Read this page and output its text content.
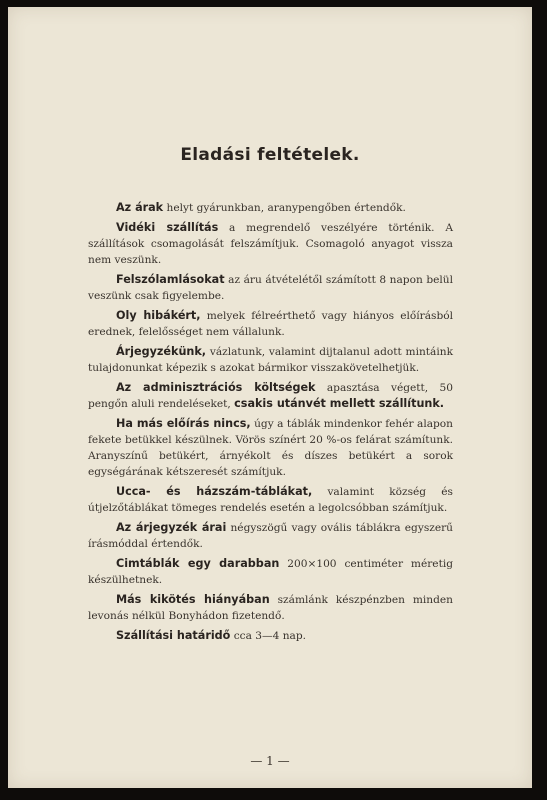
Eladási feltételek.

Az árak helyt gyárunkban, aranypengőben értendők.

Vidéki szállítás a megrendelő veszélyére történik. A szállítások csomagolását felszámítjuk. Csomagoló anyagot vissza nem veszünk.

Felszólamlásokat az áru átvételétől számított 8 napon belül veszünk csak figyelembe.

Oly hibákért, melyek félreérthető vagy hiányos előírásból erednek, felelősséget nem vállalunk.

Árjegyzékünk, vázlatunk, valamint dijtalanul adott mintáink tulajdonunkat képezik s azokat bármikor visszakövetelhetjük.

Az adminisztrációs költségek apasztása végett, 50 pengőn aluli rendeléseket, csakis utánvét mellett szállítunk.

Ha más előírás nincs, úgy a táblák mindenkor fehér alapon fekete betükkel készülnek. Vörös színért 20 %-os felárat számítunk. Aranyszínű betükért, árnyékolt és díszes betükért a sorok egységárának kétszeresét számítjuk.

Ucca- és házszám-táblákat, valamint község és útjelzőtáblákat tömeges rendelés esetén a legolcsóbban számítjuk.

Az árjegyzék árai négyszögű vagy ovális táblákra egyszerű írásmóddal értendők.

Cimtáblák egy darabban 200×100 centiméter méretig készülhetnek.

Más kikötés hiányában számlánk készpénzben minden levonás nélkül Bonyhádon fizetendő.

Szállítási határidő cca 3—4 nap.

— 1 —
